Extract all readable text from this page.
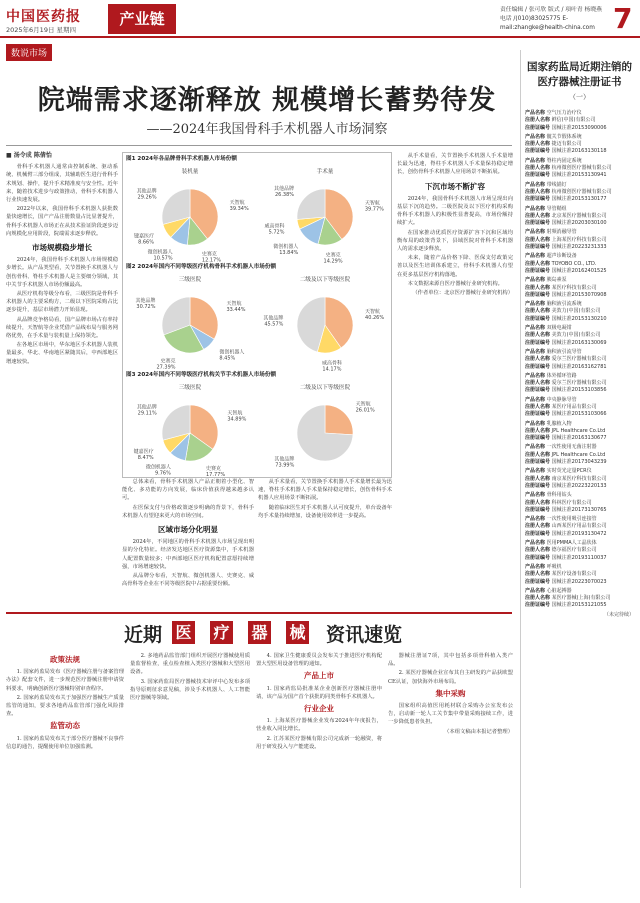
中国医药报
2025年6月19日 星期四
产业链	责任编辑 / 张可欣 版式 / 项叶青 杨晓燕
电话 /(010)83025775 E-mail:zhangke@health-china.com 7
数说市场
院端需求逐渐释放 规模增长蓄势待发
——2024年我国骨科手术机器人市场洞察
■ 汤令成 陈倩怡

骨科手术机器人通常由控制系统、驱动系统、机械臂三部分组成，其辅助医生进行骨科手术规划、操作，提升手术精准度与安全性。近年来，随着技术进步与政策推动，骨科手术机器人行业快速发展。

2022年以来，我国骨科手术机器人获批数量快速增长，国产产品注册数量占比显著提升，骨科手术机器人市场正在从技术验证阶段逐步迈向规模化应用阶段，院端需求逐步释放。

市场规模稳步增长

2024年，我国骨科手术机器人市场规模稳步增长。从产品类型看，关节置换手术机器人与创伤骨科、脊柱手术机器人是主要细分领域，其中关节手术机器人市场份额最高。

从医疗机构等级分布看，三级医院是骨科手术机器人的主要采购方，二级以下医院采购占比逐步提升，基层市场潜力开始显现。

从品牌竞争格局看，国产品牌市场占有率持续提升，天智航等企业凭借产品线布局与服务网络优势，在手术量与装机量上保持领先。

在各地区市场中，华东地区手术机器人装机量最多，华北、华南地区紧随其后，中西部地区增速较快。

图1 2024年各品牌骨科手术机器人市场份额
装机量
天智航
39.34%
史赛克
12.17%
微创机器人
10.57%
键嘉医疗
8.66%
其他品牌
29.26%
手术量
天智航
39.77%
史赛克
14.29%
微创机器人
13.84%
威高骨科
5.72%
其他品牌
26.38%
图2 2024年国内不同等级医疗机构骨科手术机器人市场份额
三级医院
天智航
33.44%
微创机器人
8.45%
史赛克
27.39%
其他品牌
30.72%
二级及以下等级医院
天智航
40.26%
威高骨科
14.17%
其他品牌
45.57%
图3 2024年国内不同等级医疗机构关节手术机器人市场份额
三级医院
天智航
34.89%
史赛克
17.77%
微创机器人
9.76%
键嘉医疗
8.47%
其他品牌
29.11%
二级及以下等级医院
天智航
26.01%
其他品牌
73.99%

总体来看，骨科手术机器人产品正朝着小型化、智能化、多功能的方向发展，临床价值获得越来越多认可。

在医保支付与价格政策逐步明确的背景下，骨科手术机器人有望迎来更大的市场空间。

区域市场分化明显

2024年，不同地区的骨科手术机器人市场呈现出明显的分化特征。经济发达地区医疗资源集中，手术机器人配置数量较多；中西部地区医疗机构配置意愿持续增强，市场增速较快。

从品牌分布看，天智航、微创机器人、史赛克、威高骨科等企业在不同等级医院中占据重要份额。

从手术量看，关节置换手术机器人手术量增长最为迅速，脊柱手术机器人手术量保持稳定增长，创伤骨科手术机器人应用场景不断拓展。

随着临床医生对手术机器人认可度提升，单台设备年均手术量持续增加，设备使用效率进一步提高。

从手术量看，关节置换手术机器人手术量增长最为迅速，脊柱手术机器人手术量保持稳定增长，创伤骨科手术机器人应用场景不断拓展。

下沉市场不断扩容

2024年，我国骨科手术机器人市场呈现出向基层下沉的趋势。二级医院及以下医疗机构采购骨科手术机器人的积极性显著提高，市场份额持续扩大。

在国家推动优质医疗资源扩容下沉和区域均衡布局的政策背景下，县域医院对骨科手术机器人的需求逐步释放。

未来，随着产品价格下降、医保支付政策完善以及医生培训体系建立，骨科手术机器人有望在更多基层医疗机构落地。

本文数据来源自医疗器械行业研究机构。

（作者单位：北京医疗器械行业研究机构）

国家药监局近期注销的医疗器械注册证书
（一）
产品名称 空气压力治疗仪
注册人名称 鲜信(中国)有限公司
注册证编号 国械注准20153090006
产品名称 髋关节假体系统
注册人名称 捷迈有限公司
注册证编号 国械注准20163130118
产品名称 脊柱内固定系统
注册人名称 杭州微创医疗器械有限公司
注册证编号 国械注准20153130941
产品名称 带线锚钉
注册人名称 杭州微创医疗器械有限公司
注册证编号 国械注准20153130177
产品名称 导管鞘组
注册人名称 北京某医疗器械有限公司
注册证编号 国械注准20203030100
产品名称 射频消融导管
注册人名称 上海某医疗科技有限公司
注册证编号 国械注准20223231333
产品名称 超声诊断设备
注册人名称 TOYOBO CO., LTD.
注册证编号 国械注准20162401525
产品名称 胰岛素泵
注册人名称 某医疗科技有限公司
注册证编号 国械注准20153070908
产品名称 脑积液引流系统
注册人名称 美敦力(中国)有限公司
注册证编号 国械注准20153130210
产品名称 双极电凝钳
注册人名称 美敦力(中国)有限公司
注册证编号 国械注准20163130069
产品名称 脑积液引流导管
注册人名称 爱尔兰医疗器械有限公司
注册证编号 国械注准20163162781
产品名称 体外循环管路
注册人名称 爱尔兰医疗器械有限公司
注册证编号 国械注准20153103856
产品名称 中央静脉导管
注册人名称 某医疗用品有限公司
注册证编号 国械注准20153103066
产品名称 乳腺植入物
注册人名称 JPL Healthcare Co.Ltd
注册证编号 国械注准20163130677
产品名称 一次性使用无菌注射器
注册人名称 JPL Healthcare Co.Ltd
注册证编号 国械注准20173043239
产品名称 实时荧光定量PCR仪
注册人名称 南京某医疗科技有限公司
注册证编号 国械注准20223220133
产品名称 骨科用钻头
注册人名称 科林医疗有限公司
注册证编号 国械注准20173130765
产品名称 一次性使用吸引连接管
注册人名称 山西某医疗用品有限公司
注册证编号 国械注准20193130472
产品名称 医用PMMA人工晶状体
注册人名称 德尔福医疗有限公司
注册证编号 国械注准20193110037
产品名称 呼吸机
注册人名称 某医疗设备有限公司
注册证编号 国械注准20223070023
产品名称 心脏起搏器
注册人名称 某医疗器械(上海)有限公司
注册证编号 国械注准20153121055
（未完待续）
近期 医 疗 器 械 资讯速览
政策法规

1. 国家药监局发布《医疗器械注册与备案管理办法》配套文件，进一步规范医疗器械注册申请资料要求，明确创新医疗器械特别审查程序。

2. 国家药监局发布关于加强医疗器械生产质量监管的通知，要求各地药品监管部门强化风险排查。

监管动态

1. 国家药监局发布关于部分医疗器械不良事件信息的通告，提醒使用单位加强监测。

2. 多地药品监管部门组织开展医疗器械使用质量监督检查，重点检查植入类医疗器械和大型医用设备。

3. 国家药监局医疗器械技术审评中心发布多项指导原则征求意见稿，涉及手术机器人、人工智能医疗器械等领域。

4. 国家卫生健康委员会发布关于推进医疗机构配置大型医用设备管理的通知。

产品上市

1. 国家药监局批准某企业创新医疗器械注册申请，该产品为国产首个获批的同类骨科手术机器人。

行业企业

1. 上海某医疗器械企业发布2024年年度报告，营业收入同比增长。

2. 江苏某医疗器械有限公司完成新一轮融资，将用于研发投入与产能建设。

器械注册证7项，其中包括多项骨科植入类产品。

2. 某医疗器械企业宣布其自主研发的产品获欧盟CE认证，加快海外市场布局。

集中采购

国家组织高值医用耗材联合采购办公室发布公告，启动新一轮人工关节集中带量采购接续工作，进一步降低患者负担。

（本组文稿由本报记者整理）
